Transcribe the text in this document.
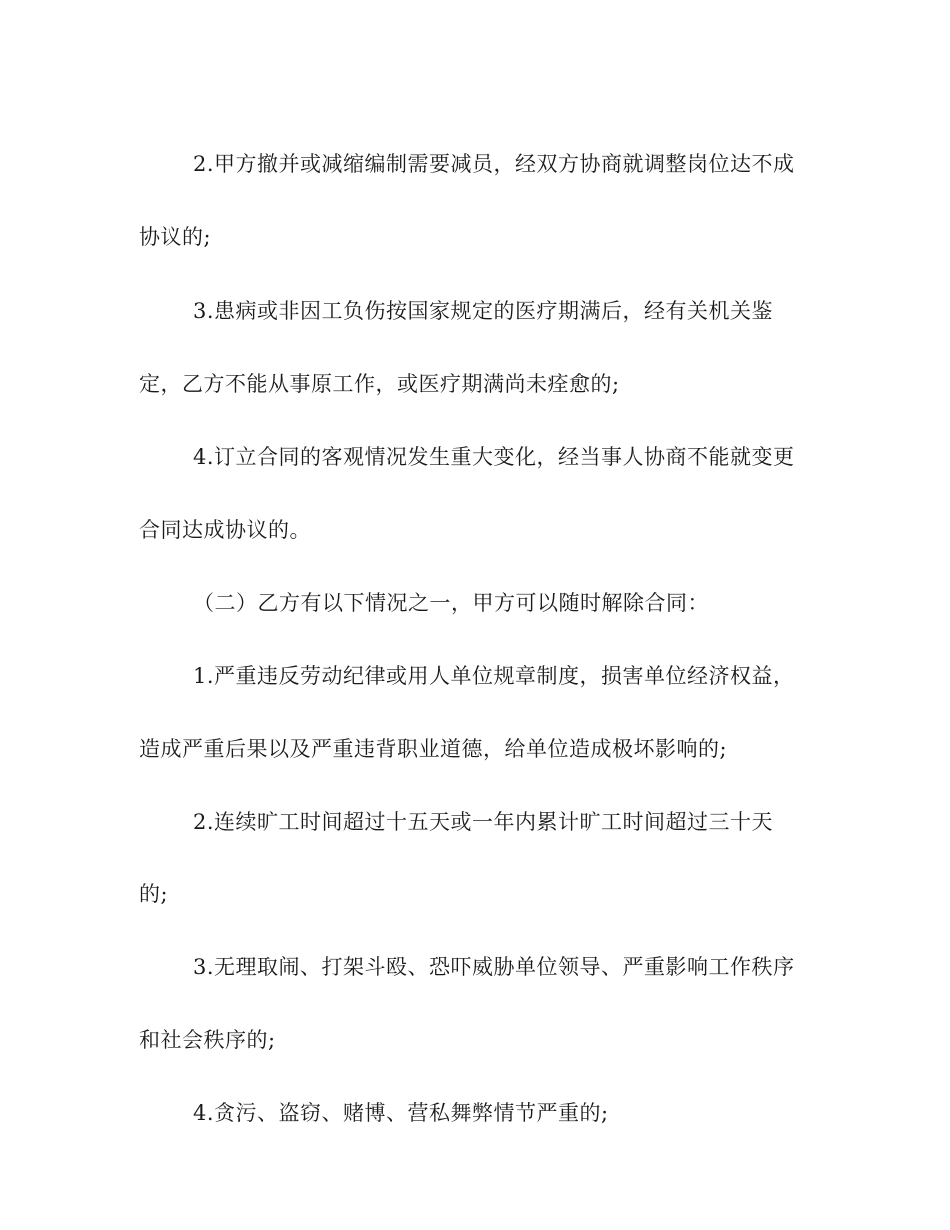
2.甲方撤并或减缩编制需要减员，经双方协商就调整岗位达不成

协议的;

3.患病或非因工负伤按国家规定的医疗期满后，经有关机关鉴

定，乙方不能从事原工作，或医疗期满尚未痊愈的;

4.订立合同的客观情况发生重大变化，经当事人协商不能就变更

合同达成协议的。

（二）乙方有以下情况之一，甲方可以随时解除合同：

1.严重违反劳动纪律或用人单位规章制度，损害单位经济权益，

造成严重后果以及严重违背职业道德，给单位造成极坏影响的;

2.连续旷工时间超过十五天或一年内累计旷工时间超过三十天

的;

3.无理取闹、打架斗殴、恐吓威胁单位领导、严重影响工作秩序

和社会秩序的;

4.贪污、盗窃、赌博、营私舞弊情节严重的;
